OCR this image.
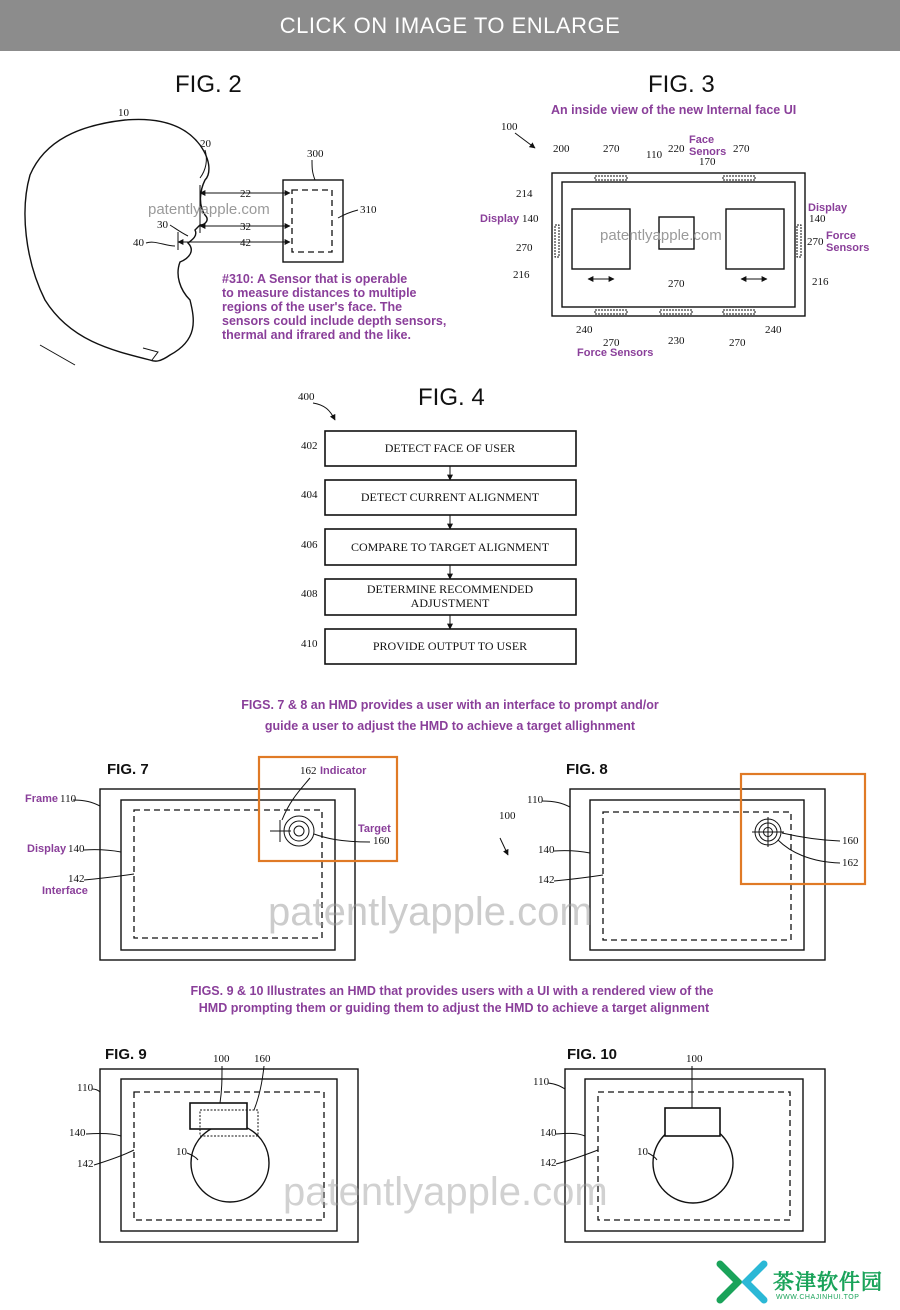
CLICK ON IMAGE TO ENLARGE
FIG. 2
10
20
30
40
22
32
42
300
310
patentlyapple.com
#310: A Sensor that is operable
to measure distances to multiple
regions of the user's face. The
sensors could include depth sensors,
thermal and ifrared and the like.
FIG. 3
An inside view of the new Internal face UI
patentlyapple.com
100
200	270 110 220
170
270
Face
Senors
214
Display 140
270
216
Display
140
270 Force
Sensors
216
240
270
270
230	270
240
Force Sensors
FIG. 4
400
DETECT FACE OF USER
402
DETECT CURRENT ALIGNMENT
404
COMPARE TO TARGET ALIGNMENT
406
DETERMINE RECOMMENDED
ADJUSTMENT
408
PROVIDE OUTPUT TO USER
410
FIGS. 7 & 8 an HMD provides a user with an interface to prompt and/or
guide a user to adjust the HMD to achieve a target allighnment
FIG. 7
Frame 110
Display 140
142
Interface
162 Indicator
Target
160
FIG. 8
110
100
140
142
160
162
patentlyapple.com
FIGS. 9 & 10 Illustrates an HMD that provides users with a UI with a rendered view of the
HMD prompting them or guiding them to adjust the HMD to achieve a target alignment
FIG. 9	100 160
110
140
142
10
FIG. 10	100
110
140
142
10
patentlyapple.com
茶津软件园
WWW.CHAJINHUI.TOP
